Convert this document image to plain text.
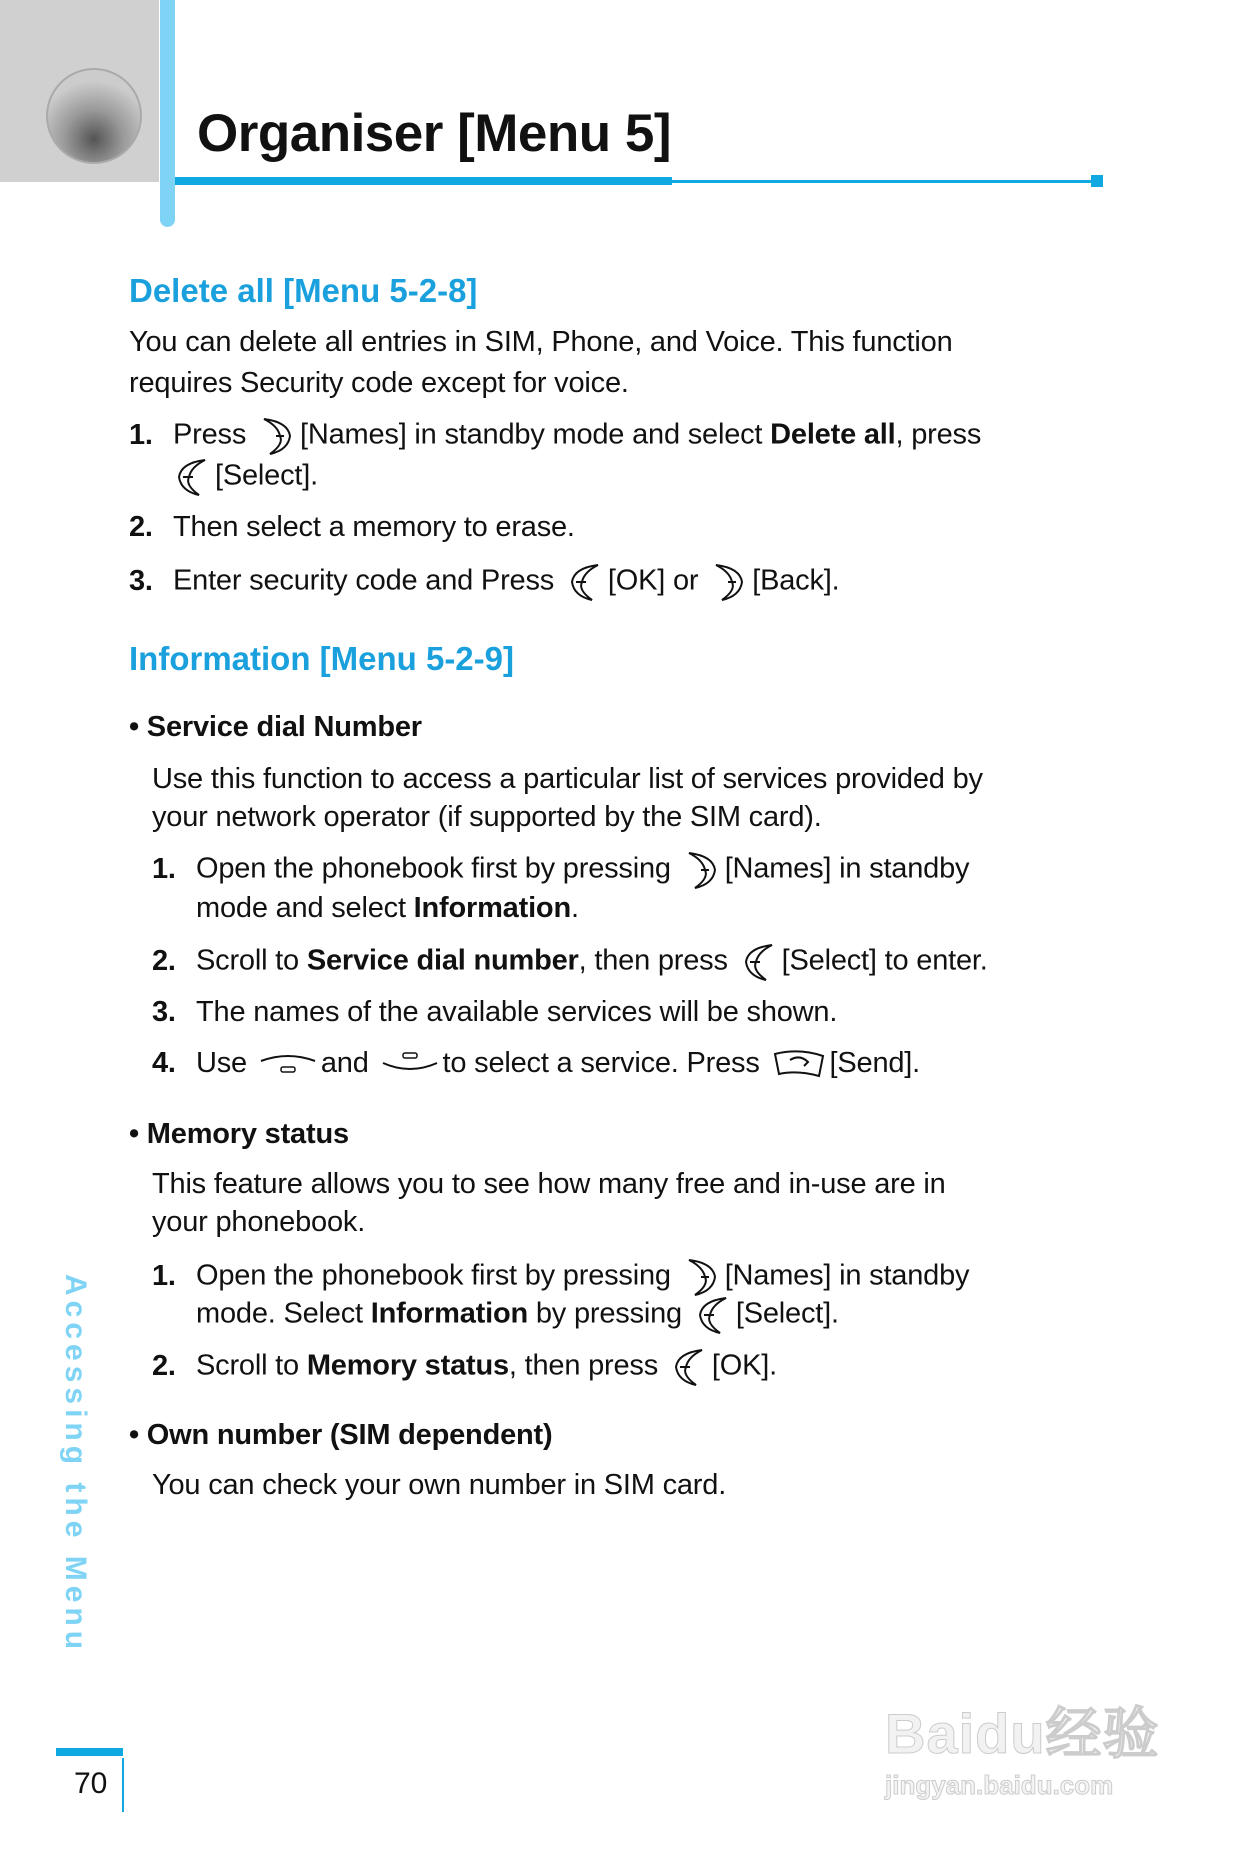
Organiser [Menu 5]
Delete all [Menu 5-2-8]
You can delete all entries in SIM, Phone, and Voice. This function
requires Security code except for voice.
1. Press [Names] in standby mode and select Delete all, press
[Select].
2. Then select a memory to erase.
3. Enter security code and Press [OK] or [Back].
Information [Menu 5-2-9]
• Service dial Number
Use this function to access a particular list of services provided by
your network operator (if supported by the SIM card).
1. Open the phonebook first by pressing [Names] in standby
mode and select Information.
2. Scroll to Service dial number, then press [Select] to enter.
3. The names of the available services will be shown.
4. Use	and	to select a service. Press [Send].
• Memory status
This feature allows you to see how many free and in-use are in
your phonebook.
1. Open the phonebook first by pressing [Names] in standby
mode. Select Information by pressing [Select].
2. Scroll to Memory status, then press [OK].
• Own number (SIM dependent)
You can check your own number in SIM card.
Accessing the Menu
70
Baidu经验
jingyan.baidu.com
